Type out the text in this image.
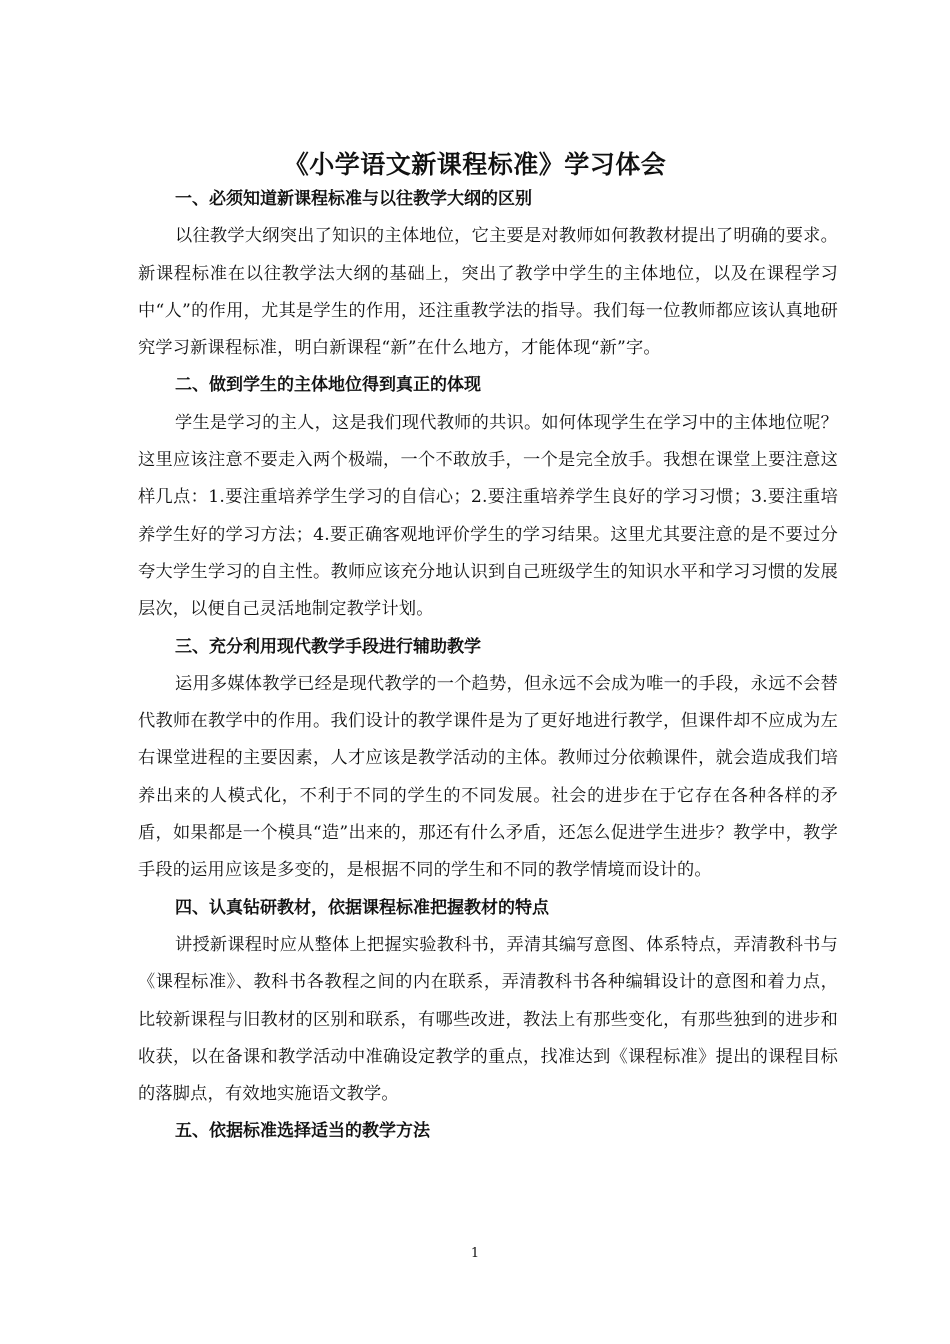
《小学语文新课程标准》学习体会
一、必须知道新课程标准与以往教学大纲的区别

以往教学大纲突出了知识的主体地位，它主要是对教师如何教教材提出了明确的要求。新课程标准在以往教学法大纲的基础上，突出了教学中学生的主体地位，以及在课程学习中“人”的作用，尤其是学生的作用，还注重教学法的指导。我们每一位教师都应该认真地研究学习新课程标准，明白新课程“新”在什么地方，才能体现“新”字。

二、做到学生的主体地位得到真正的体现

学生是学习的主人，这是我们现代教师的共识。如何体现学生在学习中的主体地位呢？这里应该注意不要走入两个极端，一个不敢放手，一个是完全放手。我想在课堂上要注意这样几点：1.要注重培养学生学习的自信心；2.要注重培养学生良好的学习习惯；3.要注重培养学生好的学习方法；4.要正确客观地评价学生的学习结果。这里尤其要注意的是不要过分夸大学生学习的自主性。教师应该充分地认识到自己班级学生的知识水平和学习习惯的发展层次，以便自己灵活地制定教学计划。

三、充分利用现代教学手段进行辅助教学

运用多媒体教学已经是现代教学的一个趋势，但永远不会成为唯一的手段，永远不会替代教师在教学中的作用。我们设计的教学课件是为了更好地进行教学，但课件却不应成为左右课堂进程的主要因素，人才应该是教学活动的主体。教师过分依赖课件，就会造成我们培养出来的人模式化，不利于不同的学生的不同发展。社会的进步在于它存在各种各样的矛盾，如果都是一个模具“造”出来的，那还有什么矛盾，还怎么促进学生进步？教学中，教学手段的运用应该是多变的，是根据不同的学生和不同的教学情境而设计的。

四、认真钻研教材，依据课程标准把握教材的特点

讲授新课程时应从整体上把握实验教科书，弄清其编写意图、体系特点，弄清教科书与《课程标准》、教科书各教程之间的内在联系，弄清教科书各种编辑设计的意图和着力点，比较新课程与旧教材的区别和联系，有哪些改进，教法上有那些变化，有那些独到的进步和收获，以在备课和教学活动中准确设定教学的重点，找准达到《课程标准》提出的课程目标的落脚点，有效地实施语文教学。

五、依据标准选择适当的教学方法
1
